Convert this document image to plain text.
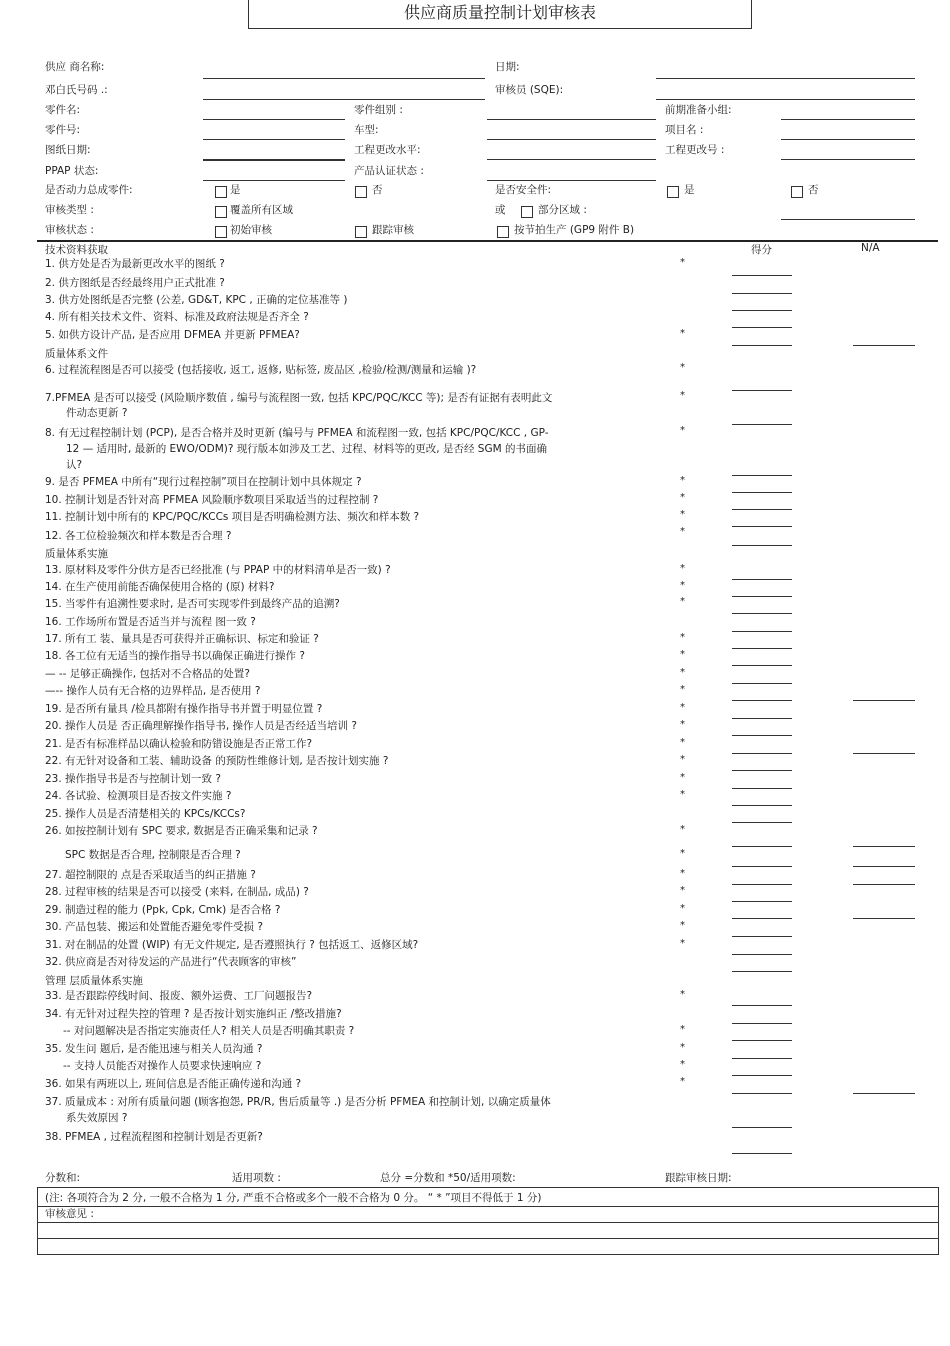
供应商质量控制计划审核表
供应 商名称:	日期:
邓白氏号码 .:	审核员 (SQE):
零件名:	零件组别 :	前期准备小组:
零件号:	车型:	项目名 :
图纸日期:	工程更改水平:	工程更改号 :
PPAP 状态:	产品认证状态 :
是否动力总成零件:	是	否	是否安全件:	是	否
审核类型 :	覆盖所有区域	或	部分区域 :
审核状态 :	初始审核	跟踪审核	按节拍生产 (GP9 附件 B)
得分	N/A
技术资料获取
1. 供方处是否为最新更改水平的图纸 ?	*
2. 供方图纸是否经最终用户正式批准 ?
3. 供方处图纸是否完整 (公差, GD&T, KPC , 正确的定位基准等 )
4. 所有相关技术文件、资料、标准及政府法规是否齐全 ?
5. 如供方设计产品, 是否应用 DFMEA 并更新 PFMEA?	*
质量体系文件
6. 过程流程图是否可以接受 (包括接收, 返工, 返修, 贴标签, 废品区 ,检验/检测/测量和运输 )?	*
7.PFMEA 是否可以接受 (风险顺序数值 , 编号与流程图一致, 包括 KPC/PQC/KCC 等); 是否有证据有表明此文	*
件动态更新 ?
8. 有无过程控制计划 (PCP), 是否合格并及时更新 (编号与 PFMEA 和流程图一致, 包括 KPC/PQC/KCC , GP-	*
12 — 适用时, 最新的 EWO/ODM)? 现行版本如涉及工艺、过程、材料等的更改, 是否经 SGM 的书面确
认?
9. 是否 PFMEA 中所有“现行过程控制”项目在控制计划中具体规定 ?	*
10. 控制计划是否针对高 PFMEA 风险顺序数项目采取适当的过程控制 ?	*
11. 控制计划中所有的 KPC/PQC/KCCs 项目是否明确检测方法、频次和样本数 ?	*
12. 各工位检验频次和样本数是否合理 ?	*
质量体系实施
13. 原材料及零件分供方是否已经批准 (与 PPAP 中的材料清单是否一致) ?	*
14. 在生产使用前能否确保使用合格的 (原) 材料?	*
15. 当零件有追溯性要求时, 是否可实现零件到最终产品的追溯?	*
16. 工作场所布置是否适当并与流程 图一致 ?
17. 所有工 装、量具是否可获得并正确标识、标定和验证 ?	*
18. 各工位有无适当的操作指导书以确保正确进行操作 ?	*
— -- 足够正确操作, 包括对不合格品的处置?	*
—-- 操作人员有无合格的边界样品, 是否使用 ?	*
19. 是否所有量具 /检具都附有操作指导书并置于明显位置 ?	*
20. 操作人员是 否正确理解操作指导书, 操作人员是否经适当培训 ?	*
21. 是否有标准样品以确认检验和防错设施是否正常工作?	*
22. 有无针对设备和工装、辅助设备 的预防性维修计划, 是否按计划实施 ?	*
23. 操作指导书是否与控制计划一致 ?	*
24. 各试验、检测项目是否按文件实施 ?	*
25. 操作人员是否清楚相关的 KPCs/KCCs?
26. 如按控制计划有 SPC 要求, 数据是否正确采集和记录 ?	*
SPC 数据是否合理, 控制限是否合理 ?	*
27. 超控制限的 点是否采取适当的纠正措施 ?	*
28. 过程审核的结果是否可以接受 (来料, 在制品, 成品) ?	*
29. 制造过程的能力 (Ppk, Cpk, Cmk) 是否合格 ?	*
30. 产品包装、搬运和处置能否避免零件受损 ?	*
31. 对在制品的处置 (WIP) 有无文件规定, 是否遵照执行 ? 包括返工、返修区域?	*
32. 供应商是否对待发运的产品进行“代表顾客的审核”
管理 层质量体系实施
33. 是否跟踪停线时间、报废、额外运费、工厂问题报告?	*
34. 有无针对过程失控的管理 ? 是否按计划实施纠正 /整改措施?
-- 对问题解决是否指定实施责任人? 相关人员是否明确其职责 ?	*
35. 发生问 题后, 是否能迅速与相关人员沟通 ?	*
-- 支持人员能否对操作人员要求快速响应 ?	*
36. 如果有两班以上, 班间信息是否能正确传递和沟通 ?	*
37. 质量成本 : 对所有质量问题 (顾客抱怨, PR/R, 售后质量等 .) 是否分析 PFMEA 和控制计划, 以确定质量体
系失效原因 ?
38. PFMEA , 过程流程图和控制计划是否更新?
分数和:	适用项数 :	总分 =分数和 *50/适用项数:	跟踪审核日期:
(注: 各项符合为 2 分, 一般不合格为 1 分, 严重不合格或多个一般不合格为 0 分。 “ * ”项目不得低于 1 分)
审核意见 :
